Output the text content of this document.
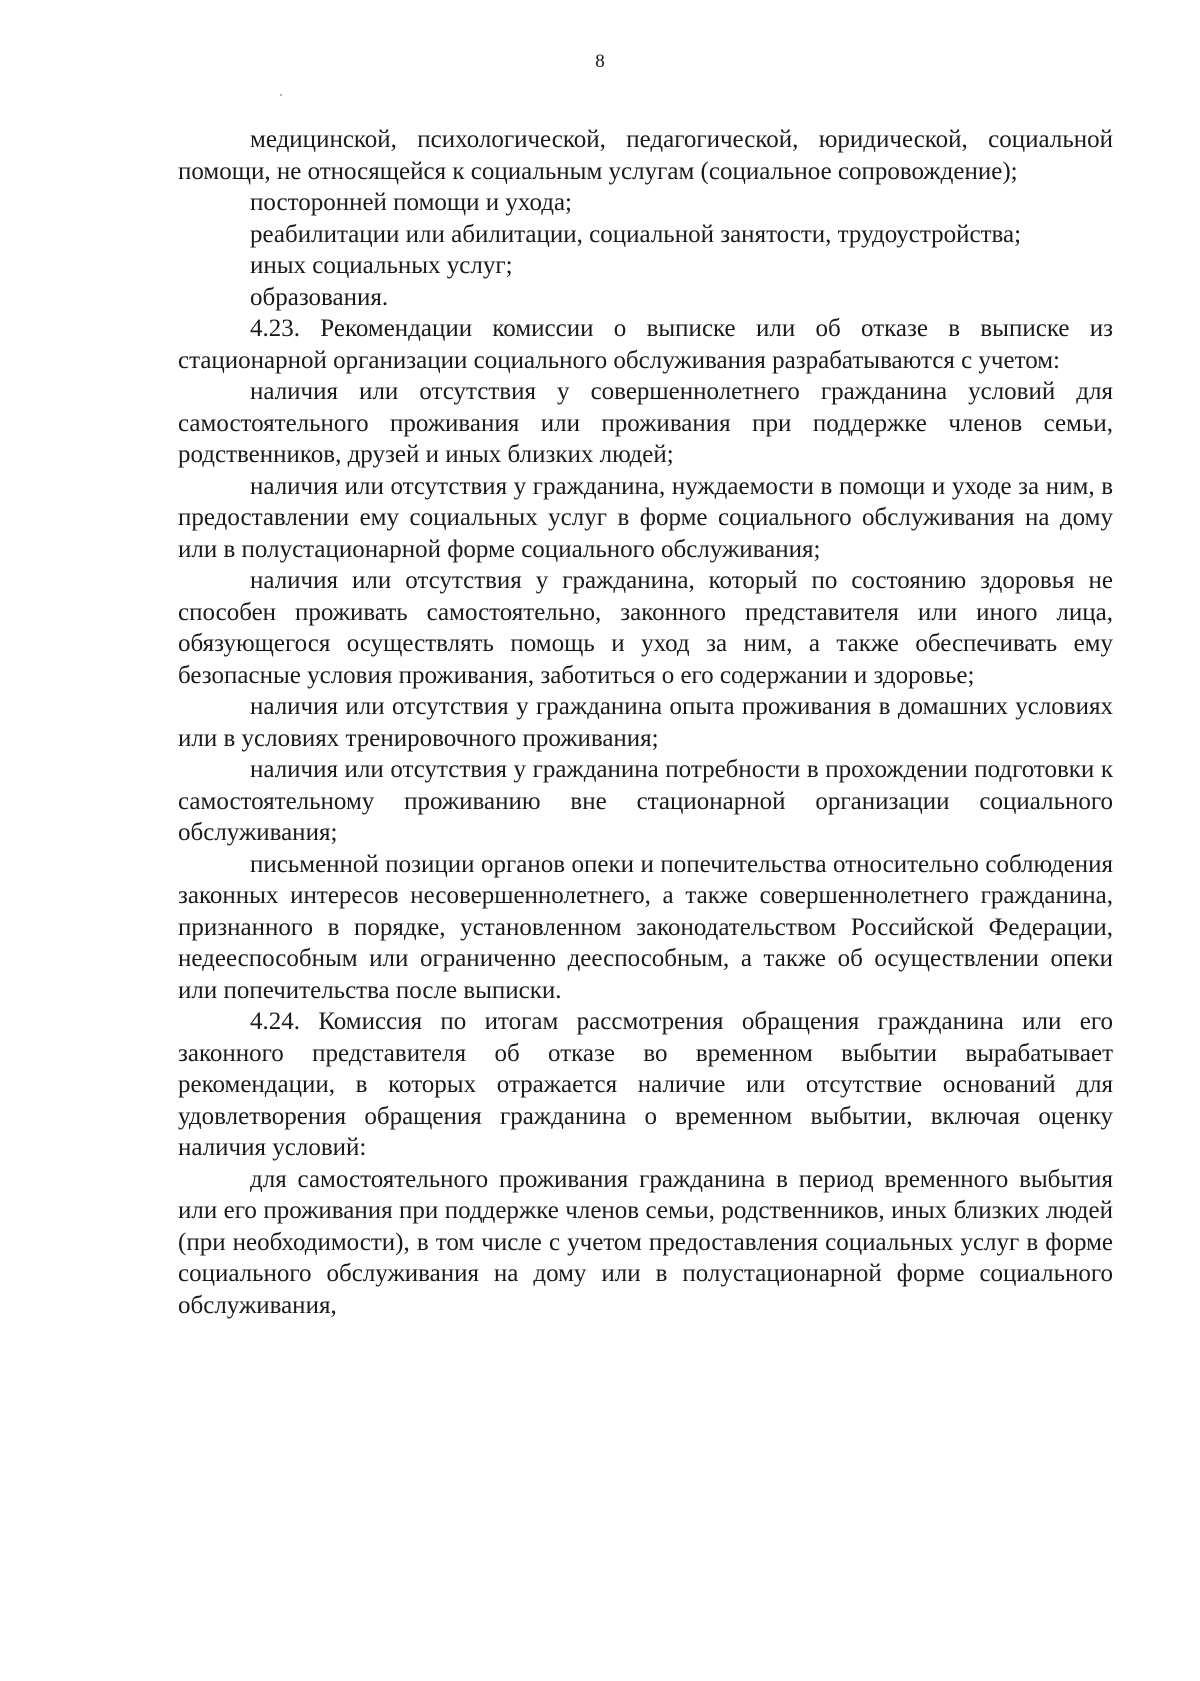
8

медицинской, психологической, педагогической, юридической, социальной помощи, не относящейся к социальным услугам (социальное сопровождение);

посторонней помощи и ухода;

реабилитации или абилитации, социальной занятости, трудоустройства;

иных социальных услуг;

образования.

4.23. Рекомендации комиссии о выписке или об отказе в выписке из стационарной организации социального обслуживания разрабатываются с учетом:

наличия или отсутствия у совершеннолетнего гражданина условий для самостоятельного проживания или проживания при поддержке членов семьи, родственников, друзей и иных близких людей;

наличия или отсутствия у гражданина, нуждаемости в помощи и уходе за ним, в предоставлении ему социальных услуг в форме социального обслуживания на дому или в полустационарной форме социального обслуживания;

наличия или отсутствия у гражданина, который по состоянию здоровья не способен проживать самостоятельно, законного представителя или иного лица, обязующегося осуществлять помощь и уход за ним, а также обеспечивать ему безопасные условия проживания, заботиться о его содержании и здоровье;

наличия или отсутствия у гражданина опыта проживания в домашних условиях или в условиях тренировочного проживания;

наличия или отсутствия у гражданина потребности в прохождении подготовки к самостоятельному проживанию вне стационарной организации социального обслуживания;

письменной позиции органов опеки и попечительства относительно соблюдения законных интересов несовершеннолетнего, а также совершеннолетнего гражданина, признанного в порядке, установленном законодательством Российской Федерации, недееспособным или ограниченно дееспособным, а также об осуществлении опеки или попечительства после выписки.

4.24. Комиссия по итогам рассмотрения обращения гражданина или его законного представителя об отказе во временном выбытии вырабатывает рекомендации, в которых отражается наличие или отсутствие оснований для удовлетворения обращения гражданина о временном выбытии, включая оценку наличия условий:

для самостоятельного проживания гражданина в период временного выбытия или его проживания при поддержке членов семьи, родственников, иных близких людей (при необходимости), в том числе с учетом предоставления социальных услуг в форме социального обслуживания на дому или в полустационарной форме социального обслуживания,
